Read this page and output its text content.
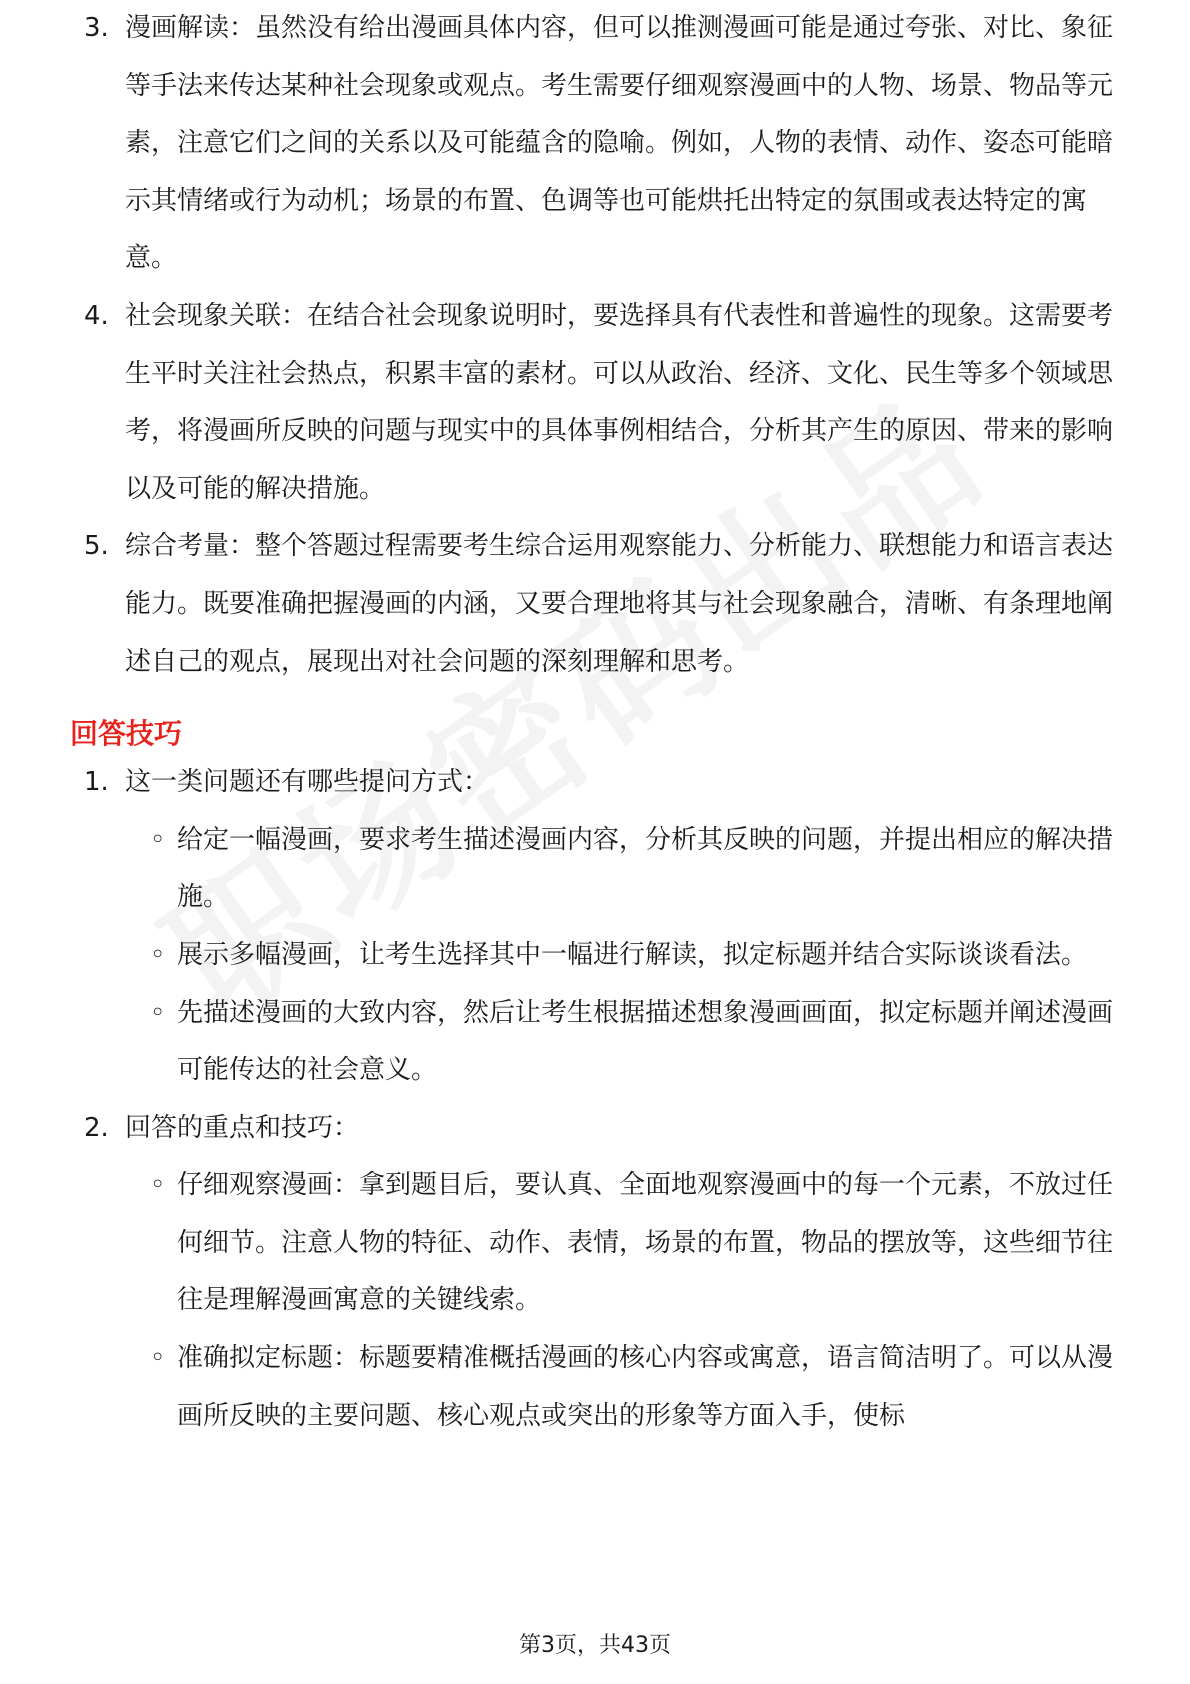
3. 漫画解读：虽然没有给出漫画具体内容，但可以推测漫画可能是通过夸张、对比、象征等手法来传达某种社会现象或观点。考生需要仔细观察漫画中的人物、场景、物品等元素，注意它们之间的关系以及可能蕴含的隐喻。例如，人物的表情、动作、姿态可能暗示其情绪或行为动机；场景的布置、色调等也可能烘托出特定的氛围或表达特定的寓意。
4. 社会现象关联：在结合社会现象说明时，要选择具有代表性和普遍性的现象。这需要考生平时关注社会热点，积累丰富的素材。可以从政治、经济、文化、民生等多个领域思考，将漫画所反映的问题与现实中的具体事例相结合，分析其产生的原因、带来的影响以及可能的解决措施。
5. 综合考量：整个答题过程需要考生综合运用观察能力、分析能力、联想能力和语言表达能力。既要准确把握漫画的内涵，又要合理地将其与社会现象融合，清晰、有条理地阐述自己的观点，展现出对社会问题的深刻理解和思考。
回答技巧
1. 这一类问题还有哪些提问方式：
◦ 给定一幅漫画，要求考生描述漫画内容，分析其反映的问题，并提出相应的解决措施。
◦ 展示多幅漫画，让考生选择其中一幅进行解读，拟定标题并结合实际谈谈看法。
◦ 先描述漫画的大致内容，然后让考生根据描述想象漫画画面，拟定标题并阐述漫画可能传达的社会意义。
2. 回答的重点和技巧：
◦ 仔细观察漫画：拿到题目后，要认真、全面地观察漫画中的每一个元素，不放过任何细节。注意人物的特征、动作、表情，场景的布置，物品的摆放等，这些细节往往是理解漫画寓意的关键线索。
◦ 准确拟定标题：标题要精准概括漫画的核心内容或寓意，语言简洁明了。可以从漫画所反映的主要问题、核心观点或突出的形象等方面入手，使标
第3页，共43页
